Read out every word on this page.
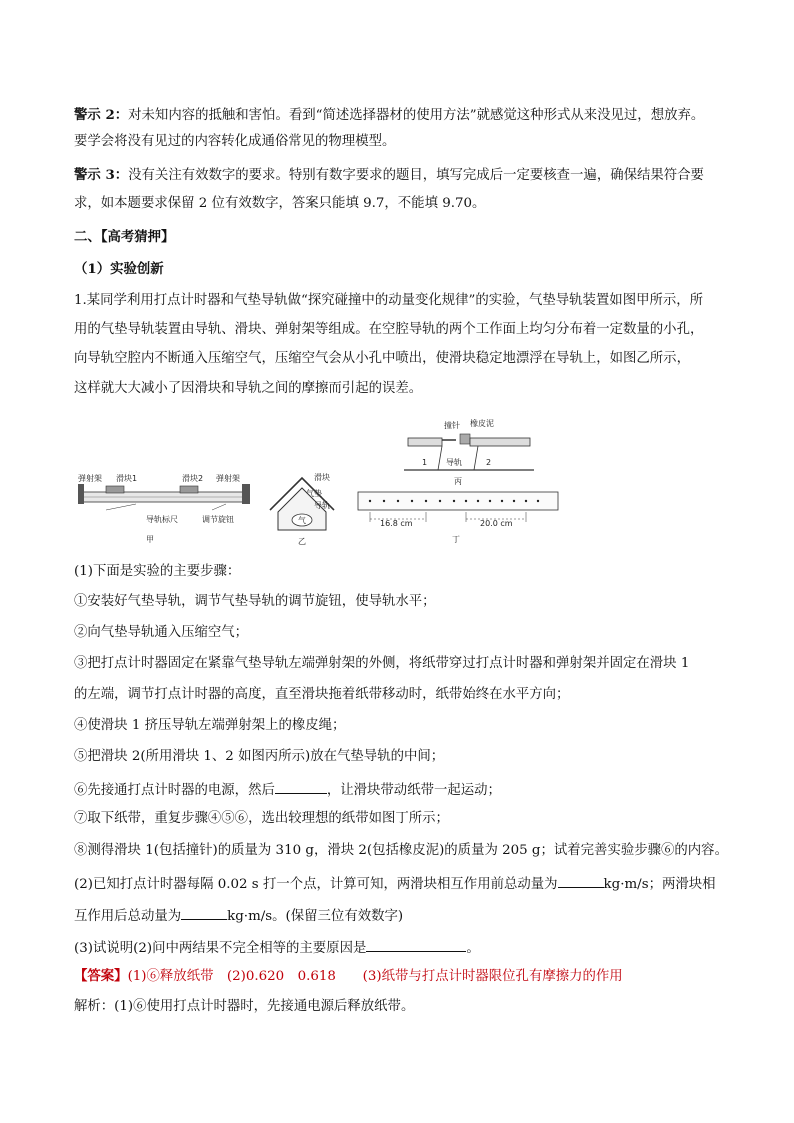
警示 2：对未知内容的抵触和害怕。看到“简述选择器材的使用方法”就感觉这种形式从来没见过，想放弃。
要学会将没有见过的内容转化成通俗常见的物理模型。
警示 3：没有关注有效数字的要求。特别有数字要求的题目，填写完成后一定要核查一遍，确保结果符合要
求，如本题要求保留 2 位有效数字，答案只能填 9.7，不能填 9.70。
二、【高考猜押】
（1）实验创新
1.某同学利用打点计时器和气垫导轨做“探究碰撞中的动量变化规律”的实验，气垫导轨装置如图甲所示，所
用的气垫导轨装置由导轨、滑块、弹射架等组成。在空腔导轨的两个工作面上均匀分布着一定数量的小孔，
向导轨空腔内不断通入压缩空气，压缩空气会从小孔中喷出，使滑块稳定地漂浮在导轨上，如图乙所示，
这样就大大减小了因滑块和导轨之间的摩擦而引起的误差。
弹射架 滑块1	滑块2 弹射架
导轨标尺	调节旋钮
甲
滑块
气垫
导轨
气
乙
撞针 橡皮泥
1 导轨	2
丙
16.8 cm	20.0 cm
丁
(1)下面是实验的主要步骤：
①安装好气垫导轨，调节气垫导轨的调节旋钮，使导轨水平；
②向气垫导轨通入压缩空气；
③把打点计时器固定在紧靠气垫导轨左端弹射架的外侧，将纸带穿过打点计时器和弹射架并固定在滑块 1
的左端，调节打点计时器的高度，直至滑块拖着纸带移动时，纸带始终在水平方向；
④使滑块 1 挤压导轨左端弹射架上的橡皮绳；
⑤把滑块 2(所用滑块 1、2 如图丙所示)放在气垫导轨的中间；
⑥先接通打点计时器的电源，然后	，让滑块带动纸带一起运动；
⑦取下纸带，重复步骤④⑤⑥，选出较理想的纸带如图丁所示；
⑧测得滑块 1(包括撞针)的质量为 310 g，滑块 2(包括橡皮泥)的质量为 205 g；试着完善实验步骤⑥的内容。
(2)已知打点计时器每隔 0.02 s 打一个点，计算可知，两滑块相互作用前总动量为	kg·m/s；两滑块相
互作用后总动量为	kg·m/s。(保留三位有效数字)
(3)试说明(2)问中两结果不完全相等的主要原因是	。
【答案】(1)⑥释放纸带　(2)0.620　0.618　　(3)纸带与打点计时器限位孔有摩擦力的作用
解析：(1)⑥使用打点计时器时，先接通电源后释放纸带。
